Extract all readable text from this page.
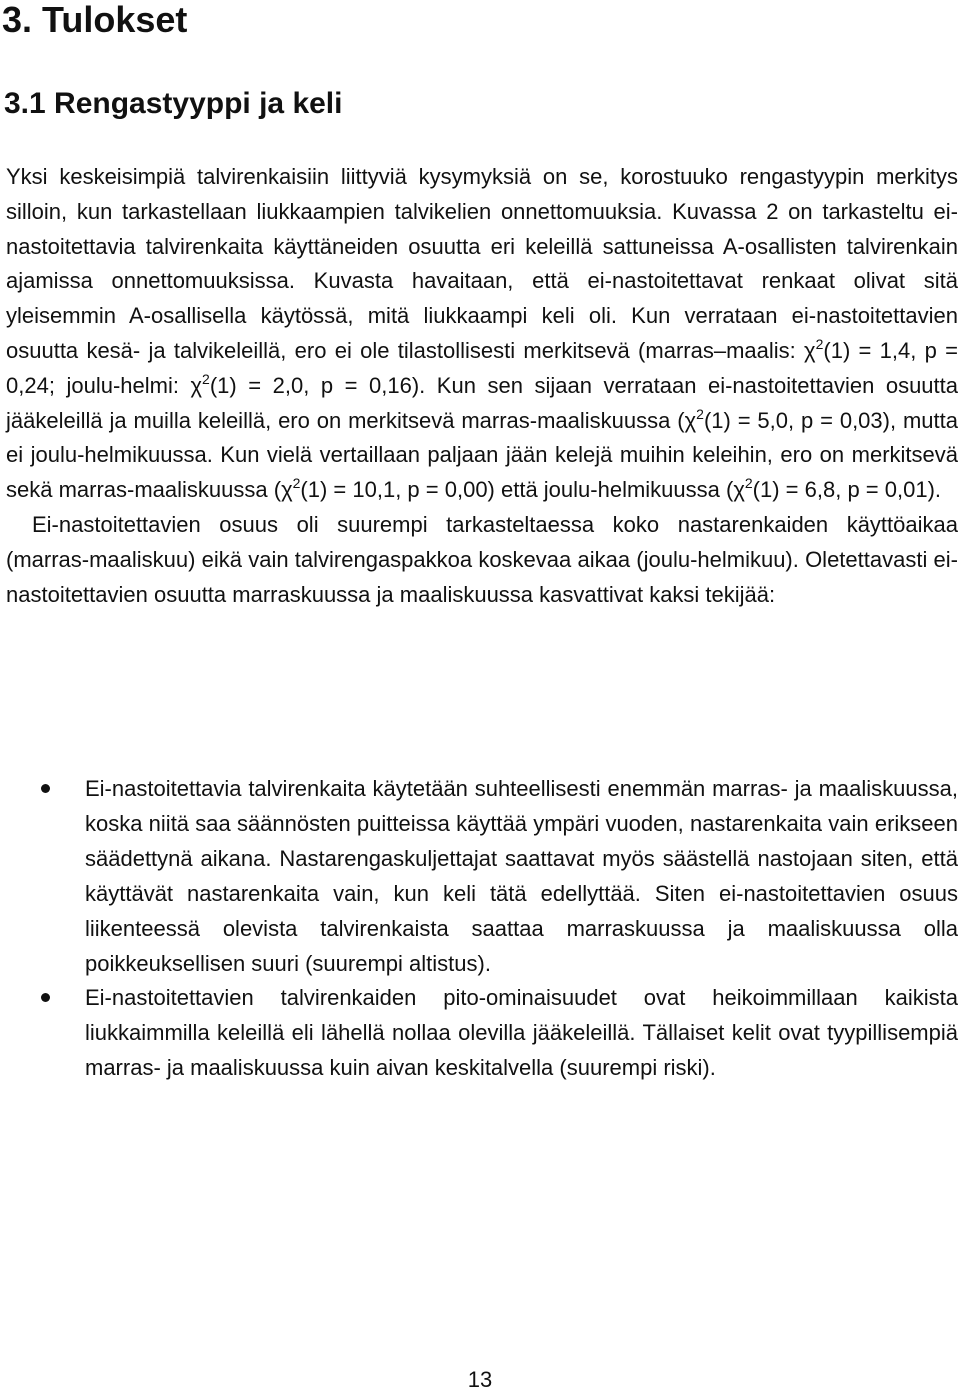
3. Tulokset
3.1 Rengastyyppi ja keli

Yksi keskeisimpiä talvirenkaisiin liittyviä kysymyksiä on se, korostuuko rengastyypin merkitys silloin, kun tarkastellaan liukkaampien talvikelien onnettomuuksia. Kuvassa 2 on tarkasteltu ei-nastoitettavia talvirenkaita käyttäneiden osuutta eri keleillä sattuneissa A-osallisten talvirenkain ajamissa onnettomuuksissa. Kuvasta havaitaan, että ei-nastoitettavat renkaat olivat sitä yleisemmin A-osallisella käytössä, mitä liukkaampi keli oli. Kun verrataan ei-nastoitettavien osuutta kesä- ja talvikeleillä, ero ei ole tilastollisesti merkitsevä (marras–maalis: $\chi^2(1) = 1,4$, p = 0,24; joulu-helmi: $\chi^2(1) = 2,0$, p = 0,16). Kun sen sijaan verrataan ei-nastoitettavien osuutta jääkeleillä ja muilla keleillä, ero on merkitsevä marras-maaliskuussa ($\chi^2(1) = 5,0$, p = 0,03), mutta ei joulu-helmikuussa. Kun vielä vertaillaan paljaan jään kelejä muihin keleihin, ero on merkitsevä sekä marras-maaliskuussa ($\chi^2(1) = 10,1$, p = 0,00) että joulu-helmikuussa ($\chi^2(1) = 6,8$, p = 0,01).

Ei-nastoitettavien osuus oli suurempi tarkasteltaessa koko nastarenkaiden käyttöaikaa (marras-maaliskuu) eikä vain talvirengaspakkoa koskevaa aikaa (joulu-helmikuu). Oletettavasti ei-nastoitettavien osuutta marraskuussa ja maaliskuussa kasvattivat kaksi tekijää:

Ei-nastoitettavia talvirenkaita käytetään suhteellisesti enemmän marras- ja maaliskuussa, koska niitä saa säännösten puitteissa käyttää ympäri vuoden, nastarenkaita vain erikseen säädettynä aikana. Nastarengaskuljettajat saattavat myös säästellä nastojaan siten, että käyttävät nastarenkaita vain, kun keli tätä edellyttää. Siten ei-nastoitettavien osuus liikenteessä olevista talvirenkaista saattaa marraskuussa ja maaliskuussa olla poikkeuksellisen suuri (suurempi altistus).
Ei-nastoitettavien talvirenkaiden pito-ominaisuudet ovat heikoimmillaan kaikista liukkaimmilla keleillä eli lähellä nollaa olevilla jääkeleillä. Tällaiset kelit ovat tyypillisempiä marras- ja maaliskuussa kuin aivan keskitalvella (suurempi riski).
13
